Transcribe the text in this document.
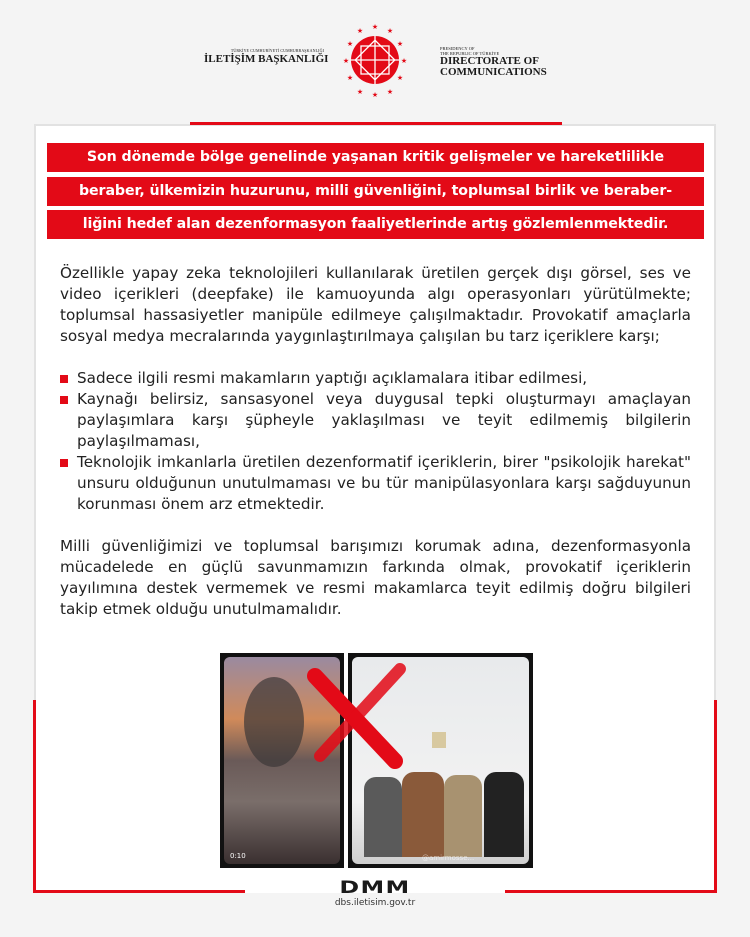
TÜRKİYE CUMHURİYETİ CUMHURBAŞKANLIĞI
İLETİŞİM BAŞKANLIĞI
★
★
★	★
★	★
★	★
★	★
★	★
PRESIDENCY OF
THE REPUBLIC OF TÜRKİYE
DIRECTORATE OF
COMMUNICATIONS
Son dönemde bölge genelinde yaşanan kritik gelişmeler ve hareketlilikle
beraber, ülkemizin huzurunu, milli güvenliğini, toplumsal birlik ve beraber-
liğini hedef alan dezenformasyon faaliyetlerinde artış gözlemlenmektedir.

Özellikle yapay zeka teknolojileri kullanılarak üretilen gerçek dışı görsel, ses ve video içerikleri (deepfake) ile kamuoyunda algı operasyonları yürütülmekte; toplumsal hassasiyetler manipüle edilmeye çalışılmaktadır. Provokatif amaçlarla sosyal medya mecralarında yaygınlaştırılmaya çalışılan bu tarz içeriklere karşı;

Sadece ilgili resmi makamların yaptığı açıklamalara itibar edilmesi,
Kaynağı belirsiz, sansasyonel veya duygusal tepki oluşturmayı amaçlayan paylaşımlara karşı şüpheyle yaklaşılması ve teyit edilmemiş bilgilerin paylaşılmaması,
Teknolojik imkanlarla üretilen dezenformatif içeriklerin, birer "psikolojik harekat" unsuru olduğunun unutulmaması ve bu tür manipülasyonlara karşı sağduyunun korunması önem arz etmektedir.

Milli güvenliğimizi ve toplumsal barışımızı korumak adına, dezenformasyonla mücadelede en güçlü savunmamızın farkında olmak, provokatif içeriklerin yayılımına destek vermemek ve resmi makamlarca teyit edilmiş doğru bilgileri takip etmek olduğu unutulmamalıdır.

0:10	@amirmosse...
DMM
dbs.iletisim.gov.tr
